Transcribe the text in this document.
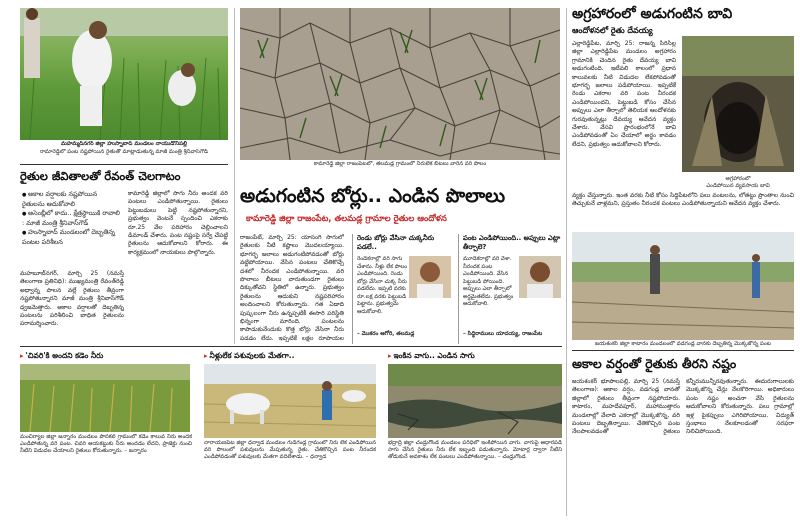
మహమ్మద్‌నగర్ జిల్లా హుస్నాబాద్ మండలం నాయుడోనిపల్లి
రామారెడ్డిలో పంట నష్టపోయిన రైతుతో మాట్లాడుతున్న మాజీ మంత్రి శ్రీనివాస్‌గౌడ్
కామారెడ్డి జిల్లా రాజంపేటలో, తలమడ్ల గ్రామంలో నీరులేక బీటలు వారిన వరి పొలం
అగ్రహారంలో అడుగంటిన బావి
ఆందోళనలో రైతు దేవయ్య
ఎల్లారెడ్డిపేట, మార్చి 25: రాజన్న సిరిసిల్ల జిల్లా ఎల్లారెడ్డిపేట మండలం అగ్రహారం గ్రామానికి చెందిన రైతు దేవయ్య బావి అడుగంటింది. ఇటీవలి కాలంలో ప్రధాన కాలువలకు నీటి విడుదల లేకపోవడంతో భూగర్భ జలాలు పడిపోయాయి. ఇప్పటికే రెండు ఎకరాల వరి పంట నీరందక ఎండిపోయిందని, పెట్టుబడి కోసం చేసిన అప్పులు ఎలా తీర్చాలో తెలియక ఆందోళనకు గురవుతున్నట్లు దేవయ్య ఆవేదన వ్యక్తం చేశారు. వేసవి ప్రారంభంలోనే బావి ఎండిపోవడంతో ఏం చేయాలో అర్థం కావడం లేదని, ప్రభుత్వం ఆదుకోవాలని కోరారు.
అగ్రహారంలో
ఎండిపోయిన వ్యవసాయ బావి
వ్యక్తం చేస్తున్నారు. ఇంత వరకు నీటి కోసం సిద్దిపేటలోని పలు వంటలను, లోతట్టు ప్రాంతాల నుంచి తెచ్చుకునే వాళ్లమని, ప్రస్తుతం నీరందక పంటలు ఎండిపోతున్నాయని ఆవేదన వ్యక్తం చేశారు.
రైతుల జీవితాలతో రేవంత్ చెలగాటం
● అకాల వర్షాలకు నష్టపోయిన రైతులను ఆదుకోవాలి
● అసెంబ్లీలో కాదు.. క్షేత్రస్థాయికి రావాలి : మాజీ మంత్రి శ్రీనివాస్‌గౌడ్
● హుస్నాబాద్ మండలంలో దెబ్బతిన్న పంటల పరిశీలన
మహబూబ్‌నగర్, మార్చి 25 (నమస్తే తెలంగాణ ప్రతినిధి): ముఖ్యమంత్రి రేవంత్‌రెడ్డి అధ్వాన్న పాలన వల్లే రైతులు తీవ్రంగా నష్టపోతున్నారని మాజీ మంత్రి శ్రీనివాస్‌గౌడ్ ధ్వజమెత్తారు. అకాల వర్షాలతో దెబ్బతిన్న పంటలను పరిశీలించి బాధిత రైతులను పరామర్శించారు.
కామారెడ్డి జిల్లాలో సాగు నీరు అందక వరి పంటలు ఎండిపోతున్నాయి. రైతులు పెట్టుబడులు పెట్టి నష్టపోతున్నారని, ప్రభుత్వం వెంటనే స్పందించి ఎకరాకు రూ.25 వేల పరిహారం చెల్లించాలని డిమాండ్ చేశారు. పంట నష్టంపై సర్వే చేపట్టి రైతులను ఆదుకోవాలని కోరారు. ఈ కార్యక్రమంలో నాయకులు పాల్గొన్నారు.
అడుగంటిన బోర్లు.. ఎండిన పొలాలు
కామారెడ్డి జిల్లా రాజంపేట, తలమడ్ల గ్రామాల రైతుల ఆందోళన
రాజంపేట్, మార్చి 25: యాసంగి సాగులో రైతులకు నీటి కష్టాలు మొదలయ్యాయి. భూగర్భ జలాలు అడుగంటిపోవడంతో బోర్లు వట్టిపోయాయి. వేసిన పంటలు చేతికొచ్చే దశలో నీరందక ఎండిపోతున్నాయి. వరి పొలాలు బీటలు వారుతుండగా రైతులు దిక్కుతోచని స్థితిలో ఉన్నారు. ప్రభుత్వం రైతులను ఆదుకుని నష్టపరిహారం అందించాలని కోరుతున్నారు. గత ఏడాది పుష్కలంగా నీరు ఉన్నప్పటికీ ఈసారి పరిస్థితి భిన్నంగా మారింది. పంటలను కాపాడుకునేందుకు కొత్త బోర్లు వేసినా నీరు పడడం లేదు. ఇప్పటికే లక్షల రూపాయల
రెండు బోర్లు వేసినా చుక్కనీరు పడలే..
రెండెకరాల్లో వరి సాగు చేశాను. నీళ్లు లేక పొలం ఎండిపోయింది. రెండు బోర్లు వేసినా చుక్క నీరు పడలేదు. ఇప్పటి వరకు రూ.లక్ష వరకు పెట్టుబడి పెట్టాను. ప్రభుత్వమే ఆదుకోవాలి.
– మొకరం ఆగోరి, తలమడ్ల
పంట ఎండిపోయింది.. అప్పులు ఎట్లా తీర్చాలె?
మూడెకరాల్లో వరి వేశా. నీరందక పంట ఎండిపోయింది. వేసిన పెట్టుబడి పోయింది. అప్పులు ఎలా తీర్చాలో అర్థమైతలేదు. ప్రభుత్వం ఆదుకోవాలి.
– సిద్ధిరాములు యాదయ్య, రాజంపేట
జయశంకర్ జిల్లా కాటారం మండలంలో వడగండ్ల వానకు దెబ్బతిన్న మొక్కజొన్న పంట
▸ 'చివరి'కి అందని కడెం నీరు
మంచిర్యాల జిల్లా జన్నారం మండలం పొనకల్ గ్రామంలో కడెం కాలువ నీరు అందక ఎండిపోతున్న వరి పంట. చివరి ఆయకట్టుకు నీరు అందడం లేదని, ప్రాజెక్టు నుంచి నీటిని విడుదల చేయాలని రైతులు కోరుతున్నారు. – జన్నారం
▸ నీళ్లులేక పశువులకు మేతగా..
నారాయణపేట జిల్లా ధన్వాడ మండలం గుడిగండ్ల గ్రామంలో నీరు లేక ఎండిపోయిన వరి పొలంలో పశువులను మేపుతున్న రైతు. చేతికొచ్చిన పంట నీరందక ఎండిపోవడంతో పశువులకు మేతగా వదిలేశాడు. – ధన్వాడ
▸ ఇంకిన వాగు.. ఎండిన సాగు
భద్రాద్రి జిల్లా చండ్రుగొండ మండలం పరిధిలో ఇంకిపోయిన వాగు. వాగుపై ఆధారపడి సాగు చేసిన రైతులు నీరు లేక ఇబ్బంది పడుతున్నారు. మోటార్ల ద్వారా నీటిని తోడుకునే అవకాశం లేక పంటలు ఎండిపోతున్నాయి. – చండ్రుగొండ
అకాల వర్షంతో రైతుకు తీరని నష్టం
జయశంకర్ భూపాలపల్లి, మార్చి 25 (నమస్తే తెలంగాణ): అకాల వర్షం, వడగండ్ల వానతో జిల్లాలో రైతులు తీవ్రంగా నష్టపోయారు. కాటారం, మహదేవపూర్, మహాముత్తారం మండలాల్లో వేలాది ఎకరాల్లో మొక్కజొన్న, వరి పంటలు దెబ్బతిన్నాయి. చేతికొచ్చిన పంట నేలపాలవడంతో రైతులు కన్నీరుమున్నీరవుతున్నారు. ఈదురుగాలులకు మొక్కజొన్న చేన్లు నేలకొరిగాయి. అధికారులు పంట నష్టం అంచనా వేసి రైతులను ఆదుకోవాలని కోరుతున్నారు. పలు గ్రామాల్లో ఇళ్ల పైకప్పులు ఎగిరిపోయాయి. విద్యుత్ స్తంభాలు నేలకూలడంతో సరఫరా నిలిచిపోయింది.
